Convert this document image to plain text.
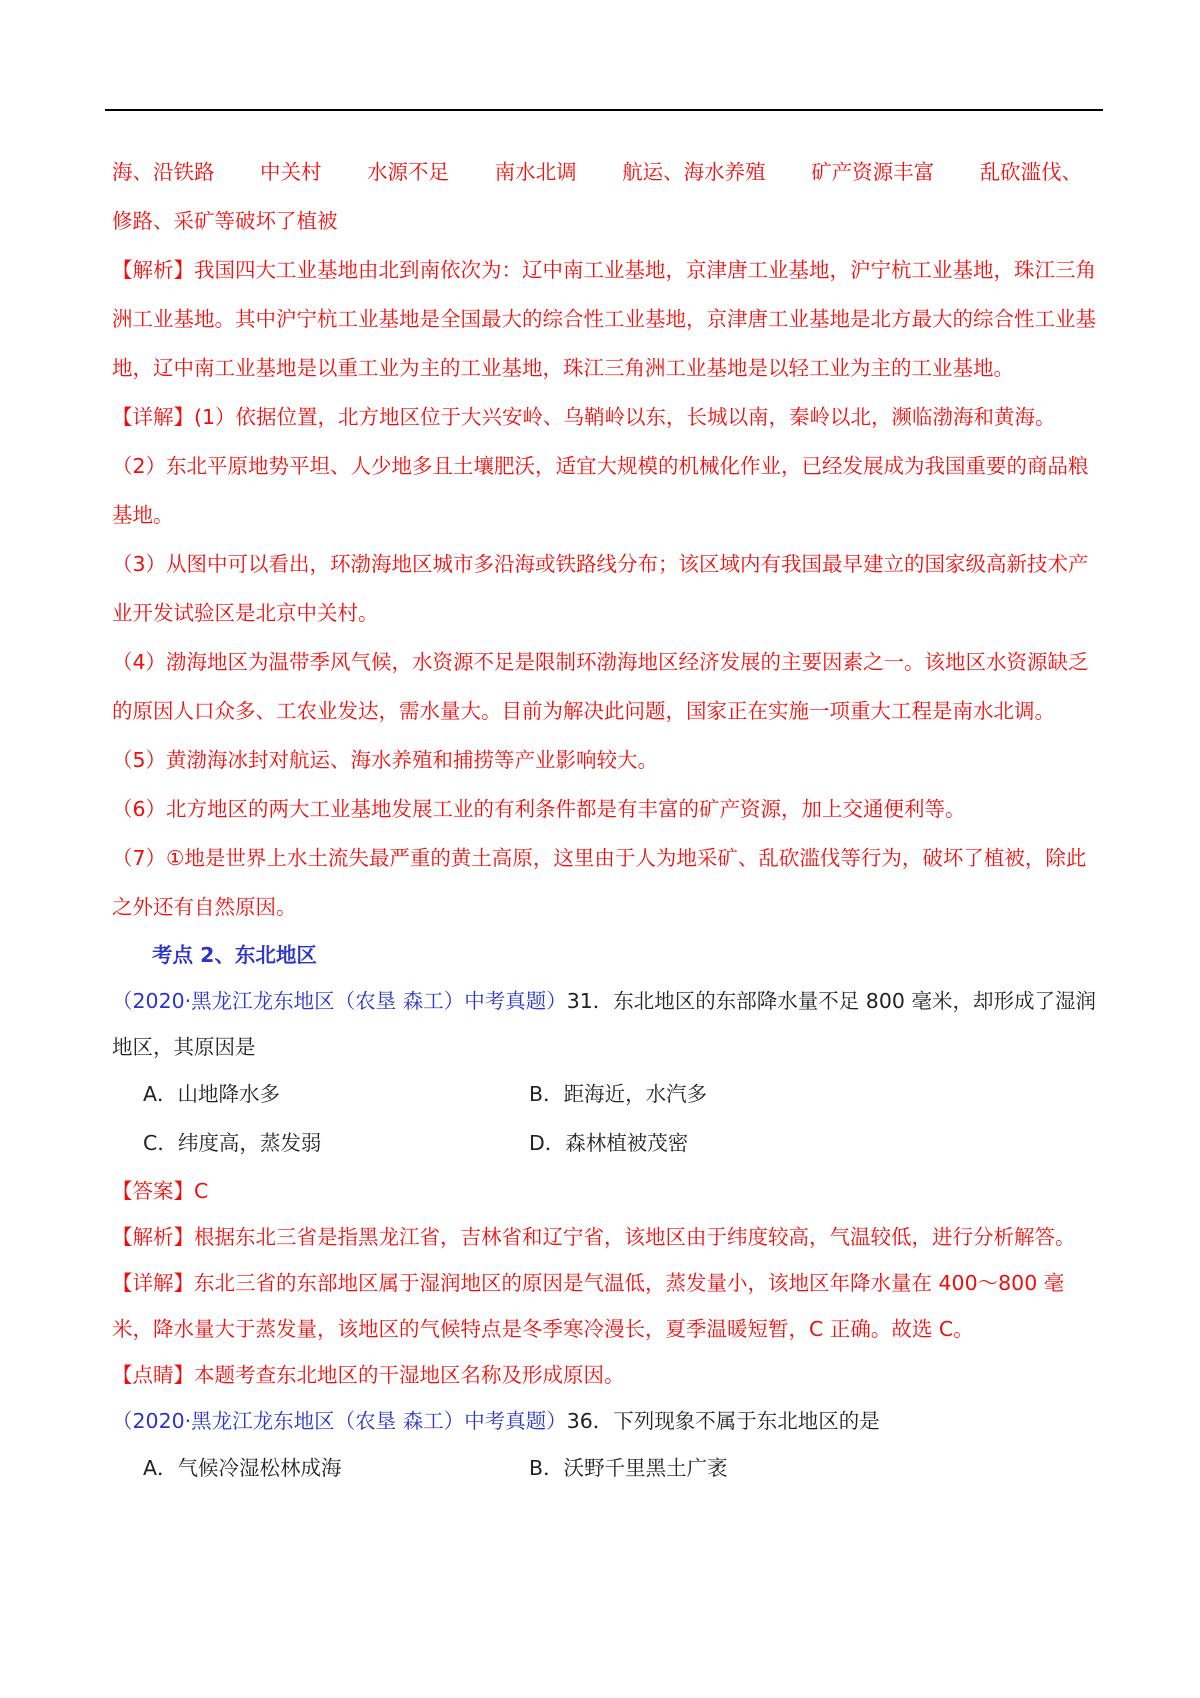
海、沿铁路 中关村 水源不足 南水北调 航运、海水养殖 矿产资源丰富 乱砍滥伐、

修路、采矿等破坏了植被

【解析】我国四大工业基地由北到南依次为：辽中南工业基地，京津唐工业基地，沪宁杭工业基地，珠江三角洲工业基地。其中沪宁杭工业基地是全国最大的综合性工业基地，京津唐工业基地是北方最大的综合性工业基地，辽中南工业基地是以重工业为主的工业基地，珠江三角洲工业基地是以轻工业为主的工业基地。

【详解】(1）依据位置，北方地区位于大兴安岭、乌鞘岭以东，长城以南，秦岭以北，濒临渤海和黄海。

（2）东北平原地势平坦、人少地多且土壤肥沃，适宜大规模的机械化作业，已经发展成为我国重要的商品粮基地。

（3）从图中可以看出，环渤海地区城市多沿海或铁路线分布；该区域内有我国最早建立的国家级高新技术产业开发试验区是北京中关村。

（4）渤海地区为温带季风气候，水资源不足是限制环渤海地区经济发展的主要因素之一。该地区水资源缺乏的原因人口众多、工农业发达，需水量大。目前为解决此问题，国家正在实施一项重大工程是南水北调。

（5）黄渤海冰封对航运、海水养殖和捕捞等产业影响较大。

（6）北方地区的两大工业基地发展工业的有利条件都是有丰富的矿产资源，加上交通便利等。

（7）①地是世界上水土流失最严重的黄土高原，这里由于人为地采矿、乱砍滥伐等行为，破坏了植被，除此之外还有自然原因。

考点 2、东北地区

（2020·黑龙江龙东地区（农垦 森工）中考真题）31．东北地区的东部降水量不足 800 毫米，却形成了湿润地区，其原因是

A．山地降水多	B．距海近，水汽多
C．纬度高，蒸发弱	D．森林植被茂密

【答案】C

【解析】根据东北三省是指黑龙江省，吉林省和辽宁省，该地区由于纬度较高，气温较低，进行分析解答。

【详解】东北三省的东部地区属于湿润地区的原因是气温低，蒸发量小，该地区年降水量在 400～800 毫米，降水量大于蒸发量，该地区的气候特点是冬季寒冷漫长，夏季温暖短暂，C 正确。故选 C。

【点睛】本题考查东北地区的干湿地区名称及形成原因。

（2020·黑龙江龙东地区（农垦 森工）中考真题）36．下列现象不属于东北地区的是

A．气候冷湿松林成海	B．沃野千里黑土广袤
